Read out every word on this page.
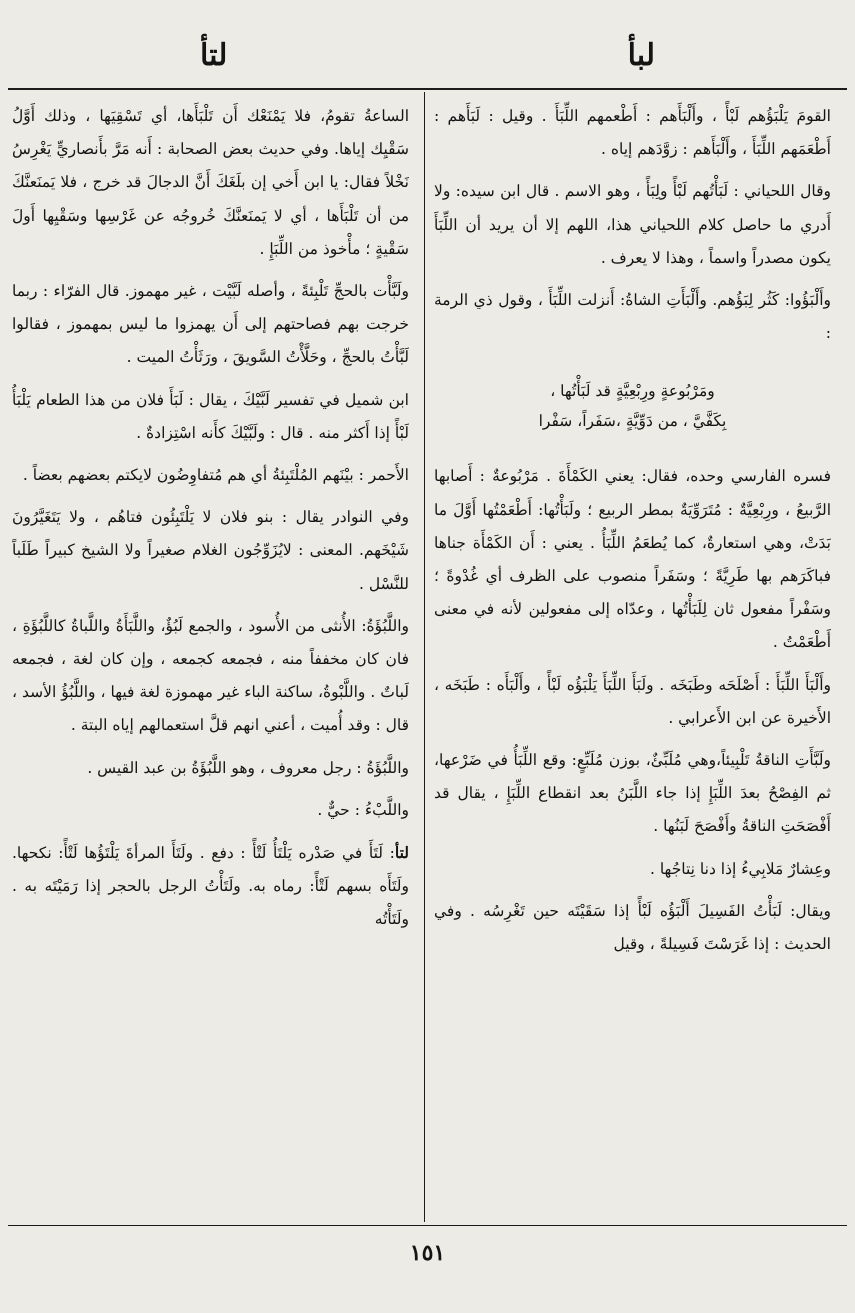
لبأ
لتأ

القومَ يَلْبَؤُهم لَبْأً ، وأَلْبَأَهم : أَطْعمهم اللِّبَأَ . وقيل : لَبَأَهم : أَطْعَمَهم اللِّبَأَ ، وأَلْبَأَهم : زوَّدَهم إياه .

وقال اللحياني : لَبَأْتُهم لَبْأً ولِبَأً ، وهو الاسم . قال ابن سيده: ولا أَدري ما حاصل كلام اللحياني هذا، اللهم إلا أن يريد أن اللِّبَأَ يكون مصدراً واسماً ، وهذا لا يعرف .

وأَلْبَؤُوا: كَثُر لِبَؤُهم. وأَلْبَأَتِ الشاةُ: أَنزلت اللِّبَأَ ، وقول ذي الرمة :

ومَرْبُوعةٍ ورِبْعِيَّةٍ قد لَبَأْتُها ،
بِكَفَّيَّ ، من دَوِّيَّةٍ ،سَفَراً، سَفْرا

فسره الفارسي وحده، فقال: يعني الكَمْأَةَ . مَرْبُوعةٌ : أَصابها الرَّبيعُ ، ورِبْعِيَّةٌ : مُتَرَوِّيَةٌ بمطر الربيع ؛ ولَبَأْتُها: أَطْعَمْتُها أَوَّلَ ما بَدَتْ، وهي استعارةٌ، كما يُطعَمُ اللِّبَأُ . يعني : أَن الكَمْأَة جناها فباكَرَهم بها طَرِيَّةً ؛ وسَفَراً منصوب على الظرف أي غُدْوةً ؛ وسَفْراً مفعول ثان لِلَبَأْتُها ، وعدّاه إلى مفعولين لأنه في معنى أَطْعَمْتُ .

وأَلْبَأَ اللِّبَأَ : أَصْلَحَه وطَبَخَه . ولَبَأَ اللِّبَأَ يَلْبَؤُه لَبْأً ، وأَلْبَأَه : طَبَخَه ، الأَخيرة عن ابن الأَعرابي .

ولَبَّأَتِ الناقةُ تَلْبِيئاً،وهي مُلَبِّئٌ، بوزن مُلَبِّعٍ: وقع اللِّبَأُ في ضَرْعها، ثم الفِصْحُ بعدَ اللِّبَإِ إذا جاء اللَّبَنُ بعد انقطاع اللِّبَإِ ، يقال قد أَفْصَحَتِ الناقةُ وأَفْصَحَ لَبَنُها .

وعِشارٌ مَلابِيءُ إذا دنا نِتاجُها .

ويقال: لَبَأْتُ الفَسِيلَ أَلْبَؤُه لَبْأً إذا سَقَيْتَه حين تَغْرِسُه . وفي الحديث : إذا غَرَسْتَ فَسِيلةً ، وقيل

الساعةُ تقومُ، فلا يَمْنَعْك أَن تَلْبَأَها، أي تَسْقِيَها ، وذلك أَوَّلُ سَقْيِك إياها. وفي حديث بعض الصحابة : أَنه مَرَّ بأَنصاريٍّ يَغْرِسُ نَخْلاً فقال: يا ابن أَخي إن بلَغَكَ أَنَّ الدجالَ قد خرج ، فلا يَمنَعنَّكَ من أن تَلْبَأَها ، أي لا يَمنَعنَّكَ خُروجُه عن غَرْسِها وسَقْيِها أَولَ سَقْيةٍ ؛ مأْخوذ من اللِّبَإِ .

ولَبَّأْت بالحجِّ تَلْبِئةً ، وأصله لَبَّيْت ، غير مهموز. قال الفرّاء : ربما خرجت بهم فصاحتهم إلى أَن يهمزوا ما ليس بمهموز ، فقالوا لَبَّأْتُ بالحجِّ ، وحَلَّأْتُ السَّويقَ ، ورَثَأْتُ الميت .

ابن شميل في تفسير لَبَّيْكَ ، يقال : لَبَأَ فلان من هذا الطعام يَلْبَأُ لَبْأً إذا أَكثر منه . قال : ولَبَّيْكَ كأَنه اسْتِزادةٌ .

الأَحمر : بيْنَهم المُلْتَبِئةُ أي هم مُتفاوِضُون لايكتم بعضهم بعضاً .

وفي النوادر يقال : بنو فلان لا يَلْتَبِئُون فتاهُم ، ولا يَتَغَيَّرُونَ شَيْخَهم. المعنى : لايُزَوِّجُون الغلام صغيراً ولا الشيخ كبيراً طَلَباً للنَّسْل .

واللَّبُؤَةُ: الأُنثى من الأُسود ، والجمع لَبُؤٌ، واللَّبَأَةُ واللَّباةُ كاللَّبُؤَةِ ، فان كان مخففاً منه ، فجمعه كجمعه ، وإن كان لغة ، فجمعه لَباتٌ . واللَّبْوةُ، ساكنة الباء غير مهموزة لغة فيها ، واللَّبُؤُ الأسد ، قال : وقد أُميت ، أعني انهم قلَّ استعمالهم إياه البتة .

واللَّبُؤَةُ : رجل معروف ، وهو اللَّبُؤَةُ بن عبد القيس .

واللَّبْءُ : حيٌّ .

لتأ: لَتَأَ في صَدْره يَلْتَأُ لَتْأً : دفع . ولَتَأَ المرأةَ يَلْتَؤُها لَتْأً: نكحها. ولَتَأَه بسهم لَتْأً: رماه به. ولَتَأْتُ الرجل بالحجر إذا رَمَيْتَه به . ولَتَأْتُه

١٥١
